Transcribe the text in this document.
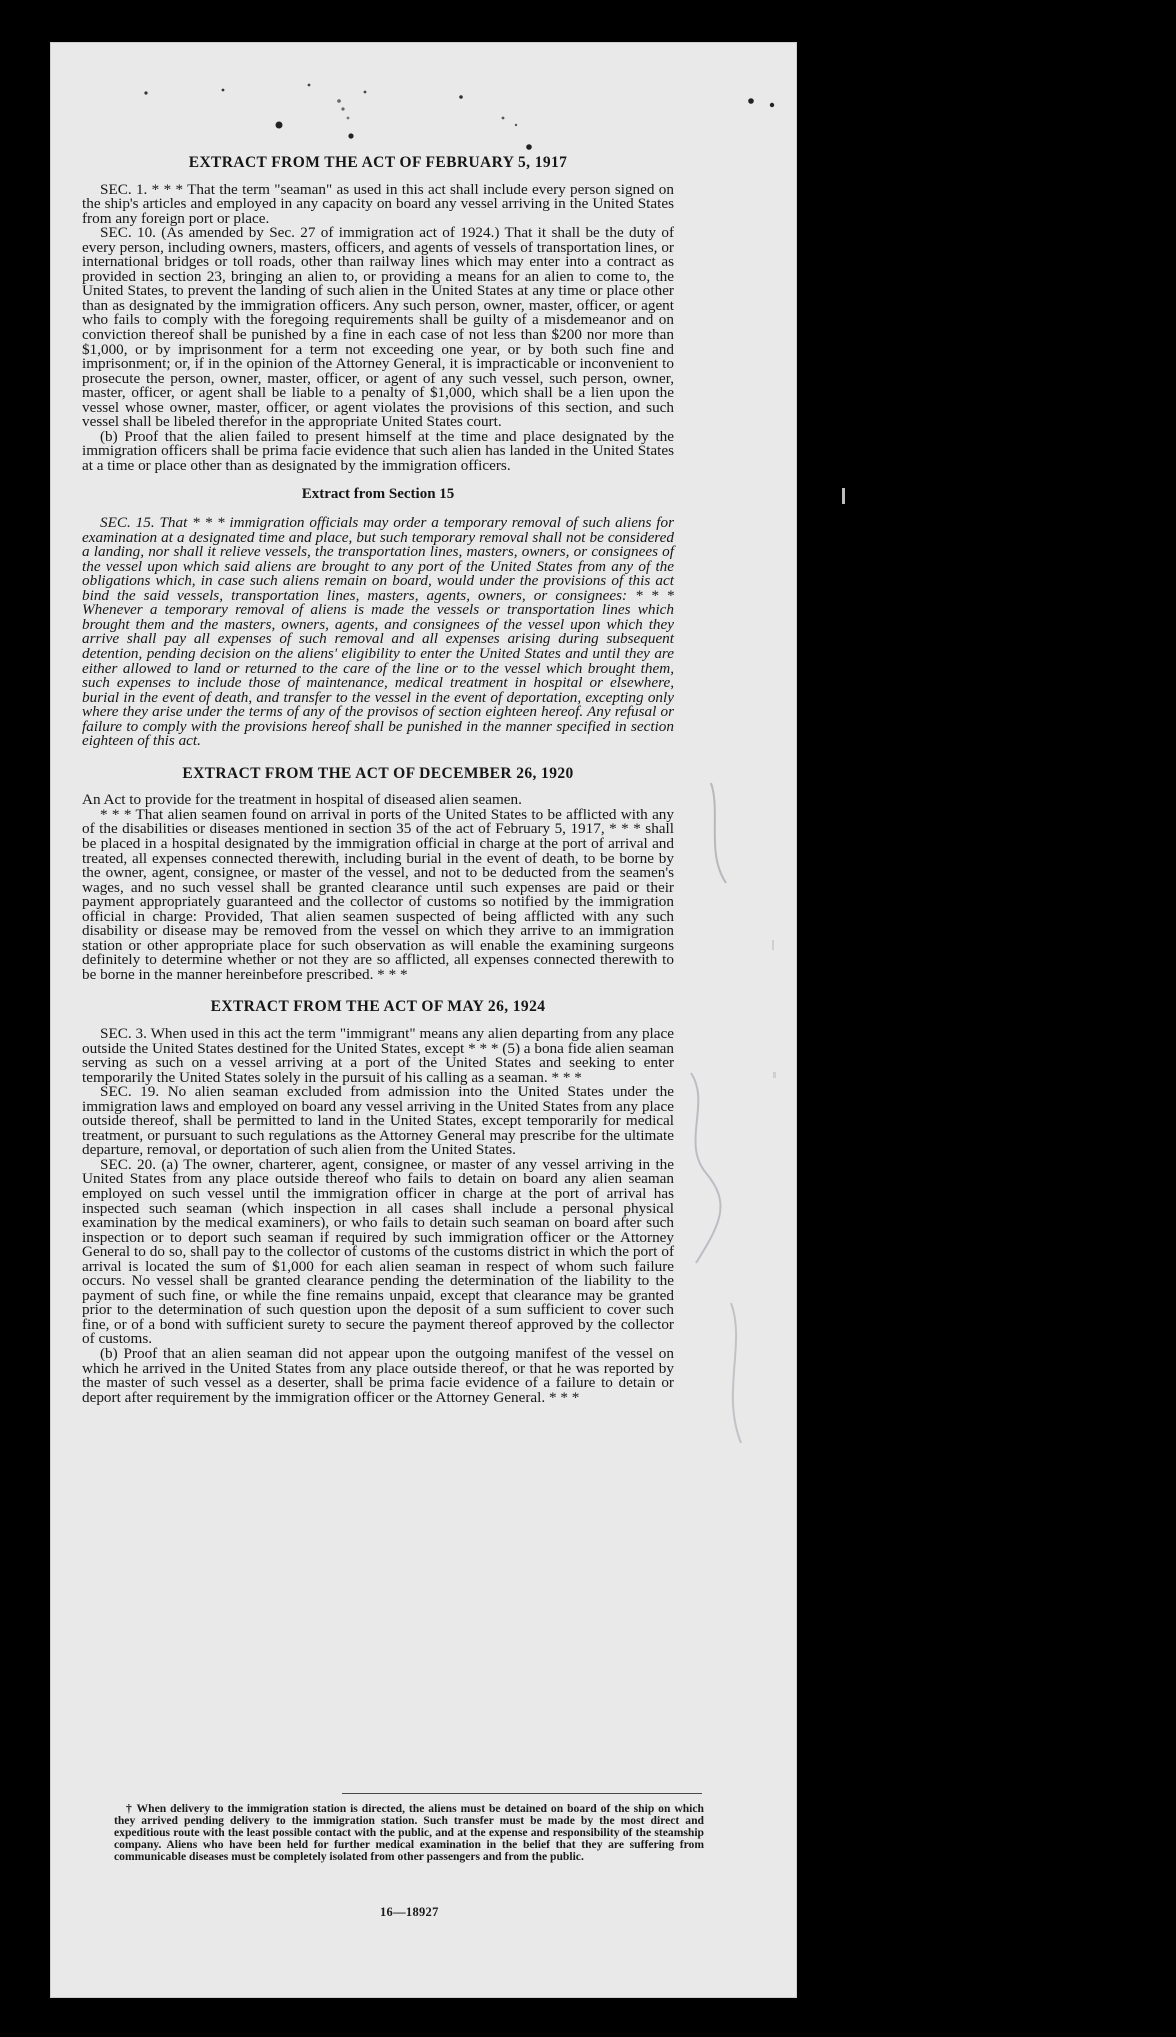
EXTRACT FROM THE ACT OF FEBRUARY 5, 1917

SEC. 1. * * * That the term "seaman" as used in this act shall include every person signed on the ship's articles and employed in any capacity on board any vessel arriving in the United States from any foreign port or place.

SEC. 10. (As amended by Sec. 27 of immigration act of 1924.) That it shall be the duty of every person, including owners, masters, officers, and agents of vessels of transportation lines, or international bridges or toll roads, other than railway lines which may enter into a contract as provided in section 23, bringing an alien to, or providing a means for an alien to come to, the United States, to prevent the landing of such alien in the United States at any time or place other than as designated by the immigration officers. Any such person, owner, master, officer, or agent who fails to comply with the foregoing requirements shall be guilty of a misdemeanor and on conviction thereof shall be punished by a fine in each case of not less than $200 nor more than $1,000, or by imprisonment for a term not exceeding one year, or by both such fine and imprisonment; or, if in the opinion of the Attorney General, it is impracticable or inconvenient to prosecute the person, owner, master, officer, or agent of any such vessel, such person, owner, master, officer, or agent shall be liable to a penalty of $1,000, which shall be a lien upon the vessel whose owner, master, officer, or agent violates the provisions of this section, and such vessel shall be libeled therefor in the appropriate United States court.

(b) Proof that the alien failed to present himself at the time and place designated by the immigration officers shall be prima facie evidence that such alien has landed in the United States at a time or place other than as designated by the immigration officers.

Extract from Section 15

SEC. 15. That * * * immigration officials may order a temporary removal of such aliens for examination at a designated time and place, but such temporary removal shall not be considered a landing, nor shall it relieve vessels, the transportation lines, masters, owners, or consignees of the vessel upon which said aliens are brought to any port of the United States from any of the obligations which, in case such aliens remain on board, would under the provisions of this act bind the said vessels, transportation lines, masters, agents, owners, or consignees: * * * Whenever a temporary removal of aliens is made the vessels or transportation lines which brought them and the masters, owners, agents, and consignees of the vessel upon which they arrive shall pay all expenses of such removal and all expenses arising during subsequent detention, pending decision on the aliens' eligibility to enter the United States and until they are either allowed to land or returned to the care of the line or to the vessel which brought them, such expenses to include those of maintenance, medical treatment in hospital or elsewhere, burial in the event of death, and transfer to the vessel in the event of deportation, excepting only where they arise under the terms of any of the provisos of section eighteen hereof. Any refusal or failure to comply with the provisions hereof shall be punished in the manner specified in section eighteen of this act.

EXTRACT FROM THE ACT OF DECEMBER 26, 1920

An Act to provide for the treatment in hospital of diseased alien seamen.

* * * That alien seamen found on arrival in ports of the United States to be afflicted with any of the disabilities or diseases mentioned in section 35 of the act of February 5, 1917, * * * shall be placed in a hospital designated by the immigration official in charge at the port of arrival and treated, all expenses connected therewith, including burial in the event of death, to be borne by the owner, agent, consignee, or master of the vessel, and not to be deducted from the seamen's wages, and no such vessel shall be granted clearance until such expenses are paid or their payment appropriately guaranteed and the collector of customs so notified by the immigration official in charge: Provided, That alien seamen suspected of being afflicted with any such disability or disease may be removed from the vessel on which they arrive to an immigration station or other appropriate place for such observation as will enable the examining surgeons definitely to determine whether or not they are so afflicted, all expenses connected therewith to be borne in the manner hereinbefore prescribed. * * *

EXTRACT FROM THE ACT OF MAY 26, 1924

SEC. 3. When used in this act the term "immigrant" means any alien departing from any place outside the United States destined for the United States, except * * * (5) a bona fide alien seaman serving as such on a vessel arriving at a port of the United States and seeking to enter temporarily the United States solely in the pursuit of his calling as a seaman. * * *

SEC. 19. No alien seaman excluded from admission into the United States under the immigration laws and employed on board any vessel arriving in the United States from any place outside thereof, shall be permitted to land in the United States, except temporarily for medical treatment, or pursuant to such regulations as the Attorney General may prescribe for the ultimate departure, removal, or deportation of such alien from the United States.

SEC. 20. (a) The owner, charterer, agent, consignee, or master of any vessel arriving in the United States from any place outside thereof who fails to detain on board any alien seaman employed on such vessel until the immigration officer in charge at the port of arrival has inspected such seaman (which inspection in all cases shall include a personal physical examination by the medical examiners), or who fails to detain such seaman on board after such inspection or to deport such seaman if required by such immigration officer or the Attorney General to do so, shall pay to the collector of customs of the customs district in which the port of arrival is located the sum of $1,000 for each alien seaman in respect of whom such failure occurs. No vessel shall be granted clearance pending the determination of the liability to the payment of such fine, or while the fine remains unpaid, except that clearance may be granted prior to the determination of such question upon the deposit of a sum sufficient to cover such fine, or of a bond with sufficient surety to secure the payment thereof approved by the collector of customs.

(b) Proof that an alien seaman did not appear upon the outgoing manifest of the vessel on which he arrived in the United States from any place outside thereof, or that he was reported by the master of such vessel as a deserter, shall be prima facie evidence of a failure to detain or deport after requirement by the immigration officer or the Attorney General. * * *

† When delivery to the immigration station is directed, the aliens must be detained on board of the ship on which they arrived pending delivery to the immigration station. Such transfer must be made by the most direct and expeditious route with the least possible contact with the public, and at the expense and responsibility of the steamship company. Aliens who have been held for further medical examination in the belief that they are suffering from communicable diseases must be completely isolated from other passengers and from the public.

16—18927
